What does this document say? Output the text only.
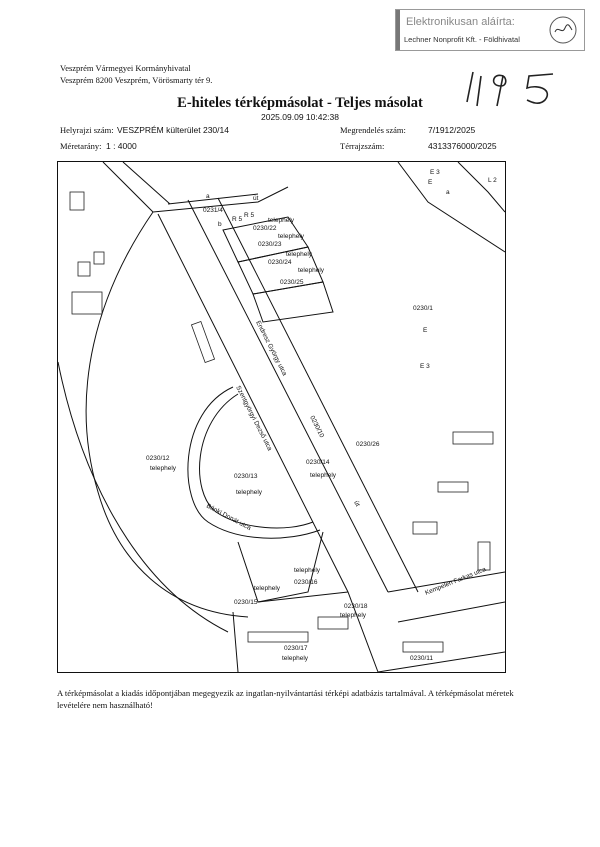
Elektronikusan aláírta:
Lechner Nonprofit Kft. - Földhivatal
Veszprém Vármegyei Kormányhivatal
Veszprém 8200 Veszprém, Vörösmarty tér 9.
E-hiteles térképmásolat - Teljes másolat
2025.09.09 10:42:38
Helyrajzi szám: VESZPRÉM külterület 230/14	Megrendelés szám:	7/1912/2025
Méretarány: 1 : 4000	Térrajzszám:	4313376000/2025
a	út
0231/4
b
R 5
R 5
telephely
0230/22
0230/23
telephely
telephely
0230/24
telephely
0230/25
E 3
E
a
L 2
0230/1
E
E 3
Endresz György utca
Szentgyörgyi Dezső utca	0230/10
0230/26
0230/12
telephely
0230/13
telephely
0230/14
telephely
út
Bánki Donát utca
telephely
telephely
0230/16
0230/15
Kempelen Farkas utca
0230/18
telephely
0230/17
telephely	0230/11
A térképmásolat a kiadás időpontjában megegyezik az ingatlan-nyilvántartási térképi adatbázis tartalmával. A térképmásolat méretek levételére nem használható!
